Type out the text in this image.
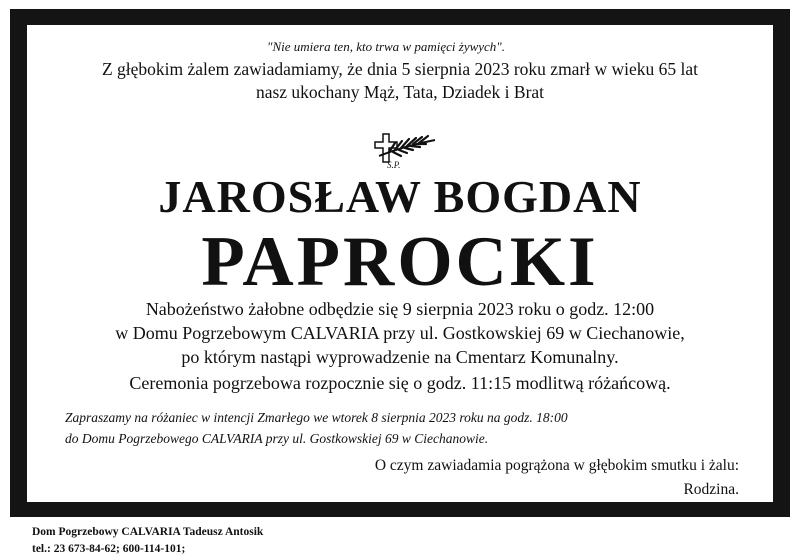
"Nie umiera ten, kto trwa w pamięci żywych".
Z głębokim żalem zawiadamiamy, że dnia 5 sierpnia 2023 roku zmarł w wieku 65 lat
nasz ukochany Mąż, Tata, Dziadek i Brat
S.P.
JAROSŁAW BOGDAN
PAPROCKI
Nabożeństwo żałobne odbędzie się 9 sierpnia 2023 roku o godz. 12:00
w Domu Pogrzebowym CALVARIA przy ul. Gostkowskiej 69 w Ciechanowie,
po którym nastąpi wyprowadzenie na Cmentarz Komunalny.
Ceremonia pogrzebowa rozpocznie się o godz. 11:15 modlitwą różańcową.
Zapraszamy na różaniec w intencji Zmarłego we wtorek 8 sierpnia 2023 roku na godz. 18:00
do Domu Pogrzebowego CALVARIA przy ul. Gostkowskiej 69 w Ciechanowie.
O czym zawiadamia pogrążona w głębokim smutku i żalu:
Rodzina.
Dom Pogrzebowy CALVARIA Tadeusz Antosik
tel.: 23 673-84-62; 600-114-101;
